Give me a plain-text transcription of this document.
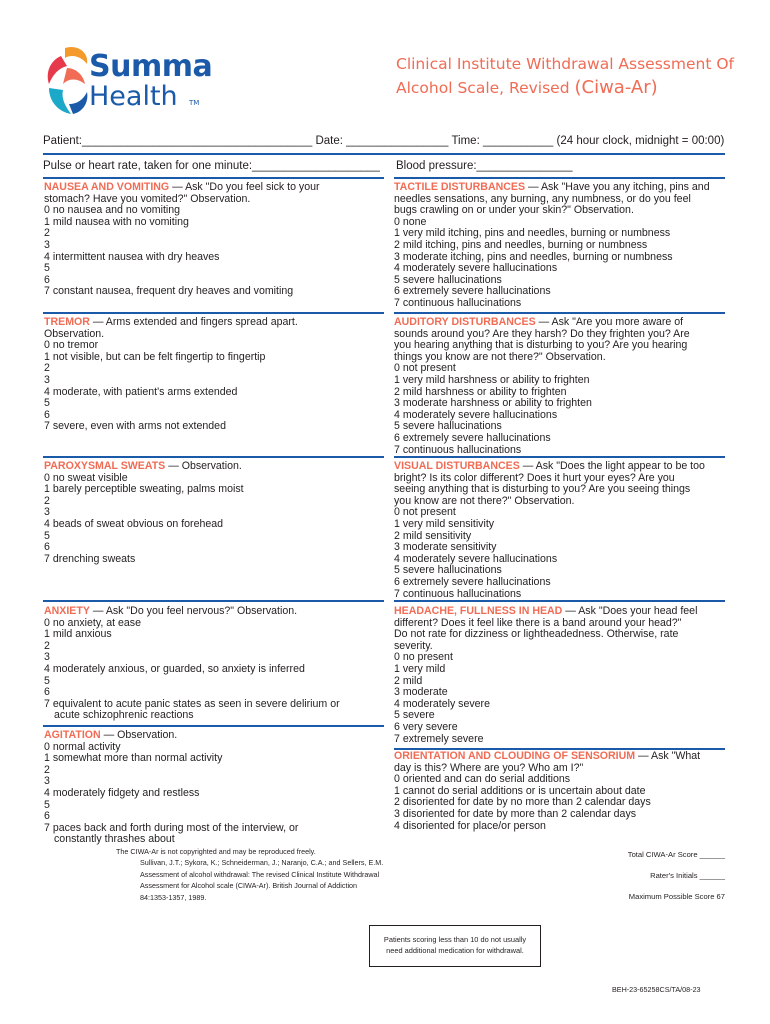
Summa
Health TM
Clinical Institute Withdrawal Assessment Of
Alcohol Scale, Revised (Ciwa-Ar)
Patient:____________________________________ Date: ________________ Time: ___________ (24 hour clock, midnight = 00:00)
Pulse or heart rate, taken for one minute:____________________ Blood pressure:_______________
NAUSEA AND VOMITING — Ask "Do you feel sick to your
stomach? Have you vomited?" Observation.
0 no nausea and no vomiting
1 mild nausea with no vomiting
2
3
4 intermittent nausea with dry heaves
5
6
7 constant nausea, frequent dry heaves and vomiting
TREMOR — Arms extended and fingers spread apart.
Observation.
0 no tremor
1 not visible, but can be felt fingertip to fingertip
2
3
4 moderate, with patient's arms extended
5
6
7 severe, even with arms not extended
PAROXYSMAL SWEATS — Observation.
0 no sweat visible
1 barely perceptible sweating, palms moist
2
3
4 beads of sweat obvious on forehead
5
6
7 drenching sweats
ANXIETY — Ask "Do you feel nervous?" Observation.
0 no anxiety, at ease
1 mild anxious
2
3
4 moderately anxious, or guarded, so anxiety is inferred
5
6
7 equivalent to acute panic states as seen in severe delirium or
acute schizophrenic reactions
AGITATION — Observation.
0 normal activity
1 somewhat more than normal activity
2
3
4 moderately fidgety and restless
5
6
7 paces back and forth during most of the interview, or
constantly thrashes about
TACTILE DISTURBANCES — Ask "Have you any itching, pins and
needles sensations, any burning, any numbness, or do you feel
bugs crawling on or under your skin?" Observation.
0 none
1 very mild itching, pins and needles, burning or numbness
2 mild itching, pins and needles, burning or numbness
3 moderate itching, pins and needles, burning or numbness
4 moderately severe hallucinations
5 severe hallucinations
6 extremely severe hallucinations
7 continuous hallucinations
AUDITORY DISTURBANCES — Ask "Are you more aware of
sounds around you? Are they harsh? Do they frighten you? Are
you hearing anything that is disturbing to you? Are you hearing
things you know are not there?" Observation.
0 not present
1 very mild harshness or ability to frighten
2 mild harshness or ability to frighten
3 moderate harshness or ability to frighten
4 moderately severe hallucinations
5 severe hallucinations
6 extremely severe hallucinations
7 continuous hallucinations
VISUAL DISTURBANCES — Ask "Does the light appear to be too
bright? Is its color different? Does it hurt your eyes? Are you
seeing anything that is disturbing to you? Are you seeing things
you know are not there?" Observation.
0 not present
1 very mild sensitivity
2 mild sensitivity
3 moderate sensitivity
4 moderately severe hallucinations
5 severe hallucinations
6 extremely severe hallucinations
7 continuous hallucinations
HEADACHE, FULLNESS IN HEAD — Ask "Does your head feel
different? Does it feel like there is a band around your head?"
Do not rate for dizziness or lightheadedness. Otherwise, rate
severity.
0 no present
1 very mild
2 mild
3 moderate
4 moderately severe
5 severe
6 very severe
7 extremely severe
ORIENTATION AND CLOUDING OF SENSORIUM — Ask "What
day is this? Where are you? Who am I?"
0 oriented and can do serial additions
1 cannot do serial additions or is uncertain about date
2 disoriented for date by no more than 2 calendar days
3 disoriented for date by more than 2 calendar days
4 disoriented for place/or person
The CIWA-Ar is not copyrighted and may be reproduced freely.
Sullivan, J.T.; Sykora, K.; Schneiderman, J.; Naranjo, C.A.; and Sellers, E.M.
Assessment of alcohol withdrawal: The revised Clinical Institute Withdrawal
Assessment for Alcohol scale (CIWA-Ar). British Journal of Addiction
84:1353-1357, 1989.
Total CIWA-Ar Score ______
Rater's Initials ______
Maximum Possible Score 67
Patients scoring less than 10 do not usually
need additional medication for withdrawal.
BEH-23-65258CS/TA/08-23
